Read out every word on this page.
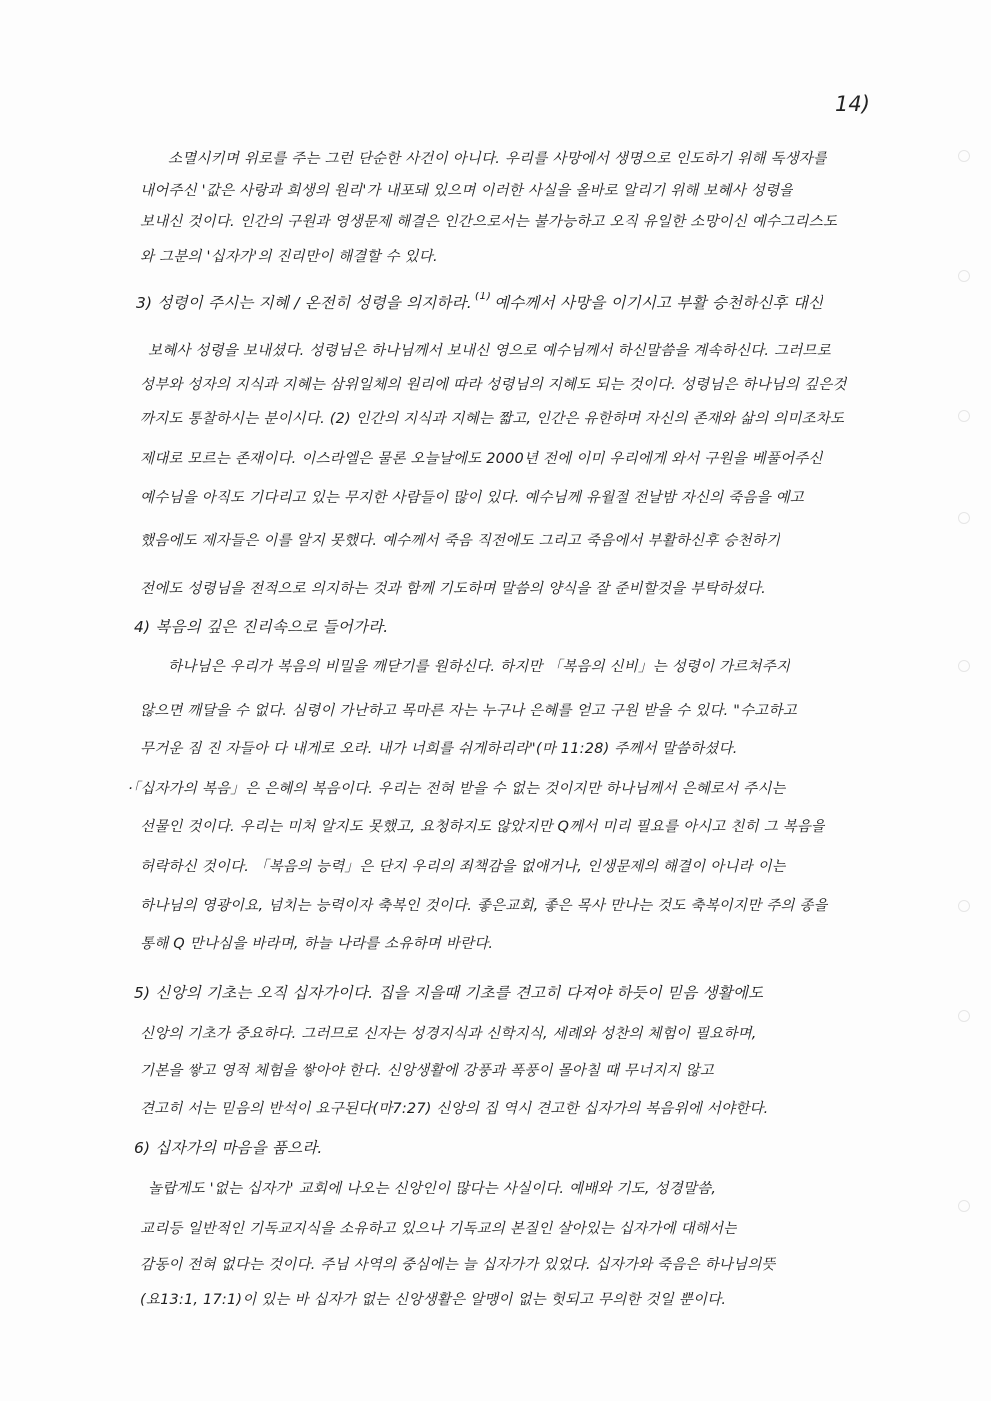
14)
소멸시키며 위로를 주는 그런 단순한 사건이 아니다. 우리를 사망에서 생명으로 인도하기 위해 독생자를
내어주신 '값은 사랑과 희생의 원리'가 내포돼 있으며 이러한 사실을 올바로 알리기 위해 보혜사 성령을
보내신 것이다. 인간의 구원과 영생문제 해결은 인간으로서는 불가능하고 오직 유일한 소망이신 예수그리스도
와 그분의 '십자가'의 진리만이 해결할 수 있다.
3) 성령이 주시는 지혜 / 온전히 성령을 의지하라. $^{(1)}$ 예수께서 사망을 이기시고 부활 승천하신후 대신
보혜사 성령을 보내셨다. 성령님은 하나님께서 보내신 영으로 예수님께서 하신말씀을 계속하신다. 그러므로
성부와 성자의 지식과 지혜는 삼위일체의 원리에 따라 성령님의 지혜도 되는 것이다. 성령님은 하나님의 깊은것
까지도 통찰하시는 분이시다. (2) 인간의 지식과 지혜는 짧고, 인간은 유한하며 자신의 존재와 삶의 의미조차도
제대로 모르는 존재이다. 이스라엘은 물론 오늘날에도 2000년 전에 이미 우리에게 와서 구원을 베풀어주신
예수님을 아직도 기다리고 있는 무지한 사람들이 많이 있다. 예수님께 유월절 전날밤 자신의 죽음을 예고
했음에도 제자들은 이를 알지 못했다. 예수께서 죽음 직전에도 그리고 죽음에서 부활하신후 승천하기
전에도 성령님을 전적으로 의지하는 것과 함께 기도하며 말씀의 양식을 잘 준비할것을 부탁하셨다.
4) 복음의 깊은 진리속으로 들어가라.
하나님은 우리가 복음의 비밀을 깨닫기를 원하신다. 하지만 「복음의 신비」는 성령이 가르쳐주지
않으면 깨달을 수 없다. 심령이 가난하고 목마른 자는 누구나 은혜를 얻고 구원 받을 수 있다. "수고하고
무거운 짐 진 자들아 다 내게로 오라. 내가 너희를 쉬게하리라"(마 11:28) 주께서 말씀하셨다.
·「십자가의 복음」은 은혜의 복음이다. 우리는 전혀 받을 수 없는 것이지만 하나님께서 은혜로서 주시는
선물인 것이다. 우리는 미처 알지도 못했고, 요청하지도 않았지만 Q께서 미리 필요를 아시고 친히 그 복음을
허락하신 것이다. 「복음의 능력」은 단지 우리의 죄책감을 없애거나, 인생문제의 해결이 아니라 이는
하나님의 영광이요, 넘치는 능력이자 축복인 것이다. 좋은교회, 좋은 목사 만나는 것도 축복이지만 주의 종을
통해 Q 만나심을 바라며, 하늘 나라를 소유하며 바란다.
5) 신앙의 기초는 오직 십자가이다. 집을 지을때 기초를 견고히 다져야 하듯이 믿음 생활에도
신앙의 기초가 중요하다. 그러므로 신자는 성경지식과 신학지식, 세례와 성찬의 체험이 필요하며,
기본을 쌓고 영적 체험을 쌓아야 한다. 신앙생활에 강풍과 폭풍이 몰아칠 때 무너지지 않고
견고히 서는 믿음의 반석이 요구된다(마7:27) 신앙의 집 역시 견고한 십자가의 복음위에 서야한다.
6) 십자가의 마음을 품으라.
놀랍게도 '없는 십자가' 교회에 나오는 신앙인이 많다는 사실이다. 예배와 기도, 성경말씀,
교리등 일반적인 기독교지식을 소유하고 있으나 기독교의 본질인 살아있는 십자가에 대해서는
감동이 전혀 없다는 것이다. 주님 사역의 중심에는 늘 십자가가 있었다. 십자가와 죽음은 하나님의뜻
(요13:1, 17:1)이 있는 바 십자가 없는 신앙생활은 알맹이 없는 헛되고 무의한 것일 뿐이다.
